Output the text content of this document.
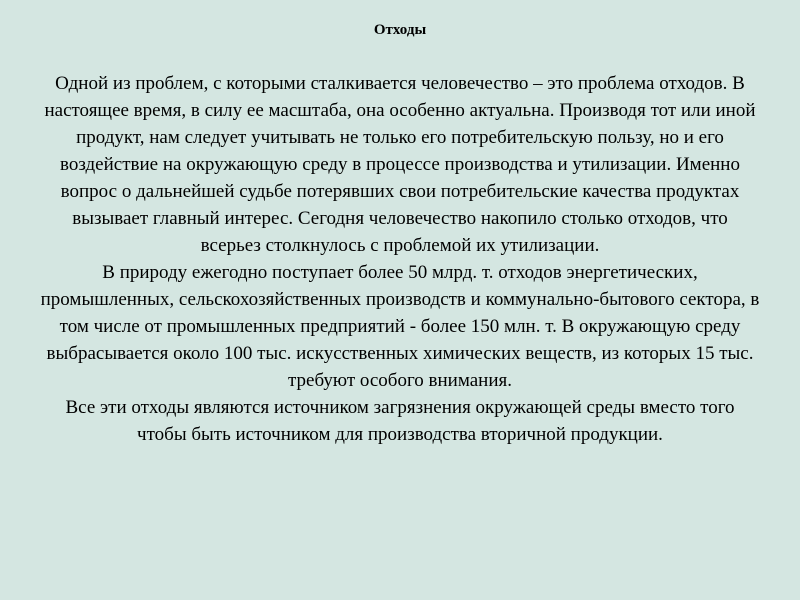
Отходы

Одной из проблем, с которыми сталкивается человечество – это проблема отходов. В настоящее время, в силу ее масштаба, она особенно актуальна. Производя тот или иной продукт, нам следует учитывать не только его потребительскую пользу, но и его воздействие на окружающую среду в процессе производства и утилизации. Именно вопрос о дальнейшей судьбе потерявших свои потребительские качества продуктах вызывает главный интерес. Сегодня человечество накопило столько отходов, что всерьез столкнулось с проблемой их утилизации.

В природу ежегодно поступает более 50 млрд. т. отходов энергетических, промышленных, сельскохозяйственных производств и коммунально-бытового сектора, в том числе от промышленных предприятий - более 150 млн. т. В окружающую среду выбрасывается около 100 тыс. искусственных химических веществ, из которых 15 тыс. требуют особого внимания.

Все эти отходы являются источником загрязнения окружающей среды вместо того чтобы быть источником для производства вторичной продукции.
